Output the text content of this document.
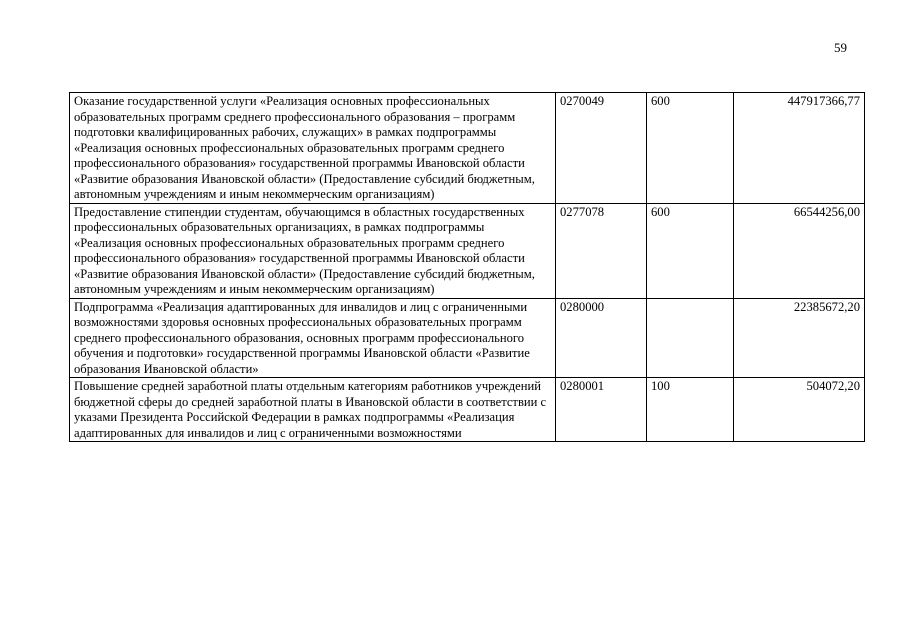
59
Оказание государственной услуги «Реализация основных профессиональных образовательных программ среднего профессионального образования – программ подготовки квалифицированных рабочих, служащих» в рамках подпрограммы «Реализация основных профессиональных образовательных программ среднего профессионального образования» государственной программы Ивановской области «Развитие образования Ивановской области» (Предоставление субсидий бюджетным, автономным учреждениям и иным некоммерческим организациям)	0270049	600	447917366,77
Предоставление стипендии студентам, обучающимся в областных государственных профессиональных образовательных организациях, в рамках подпрограммы «Реализация основных профессиональных образовательных программ среднего профессионального образования» государственной программы Ивановской области «Развитие образования Ивановской области» (Предоставление субсидий бюджетным, автономным учреждениям и иным некоммерческим организациям)	0277078	600	66544256,00
Подпрограмма «Реализация адаптированных для инвалидов и лиц с ограниченными возможностями здоровья основных профессиональных образовательных программ среднего профессионального образования, основных программ профессионального обучения и подготовки» государственной программы Ивановской области «Развитие образования Ивановской области»	0280000		22385672,20
Повышение средней заработной платы отдельным категориям работников учреждений бюджетной сферы до средней заработной платы в Ивановской области в соответствии с указами Президента Российской Федерации в рамках подпрограммы «Реализация адаптированных для инвалидов и лиц с ограниченными возможностями	0280001	100	504072,20
